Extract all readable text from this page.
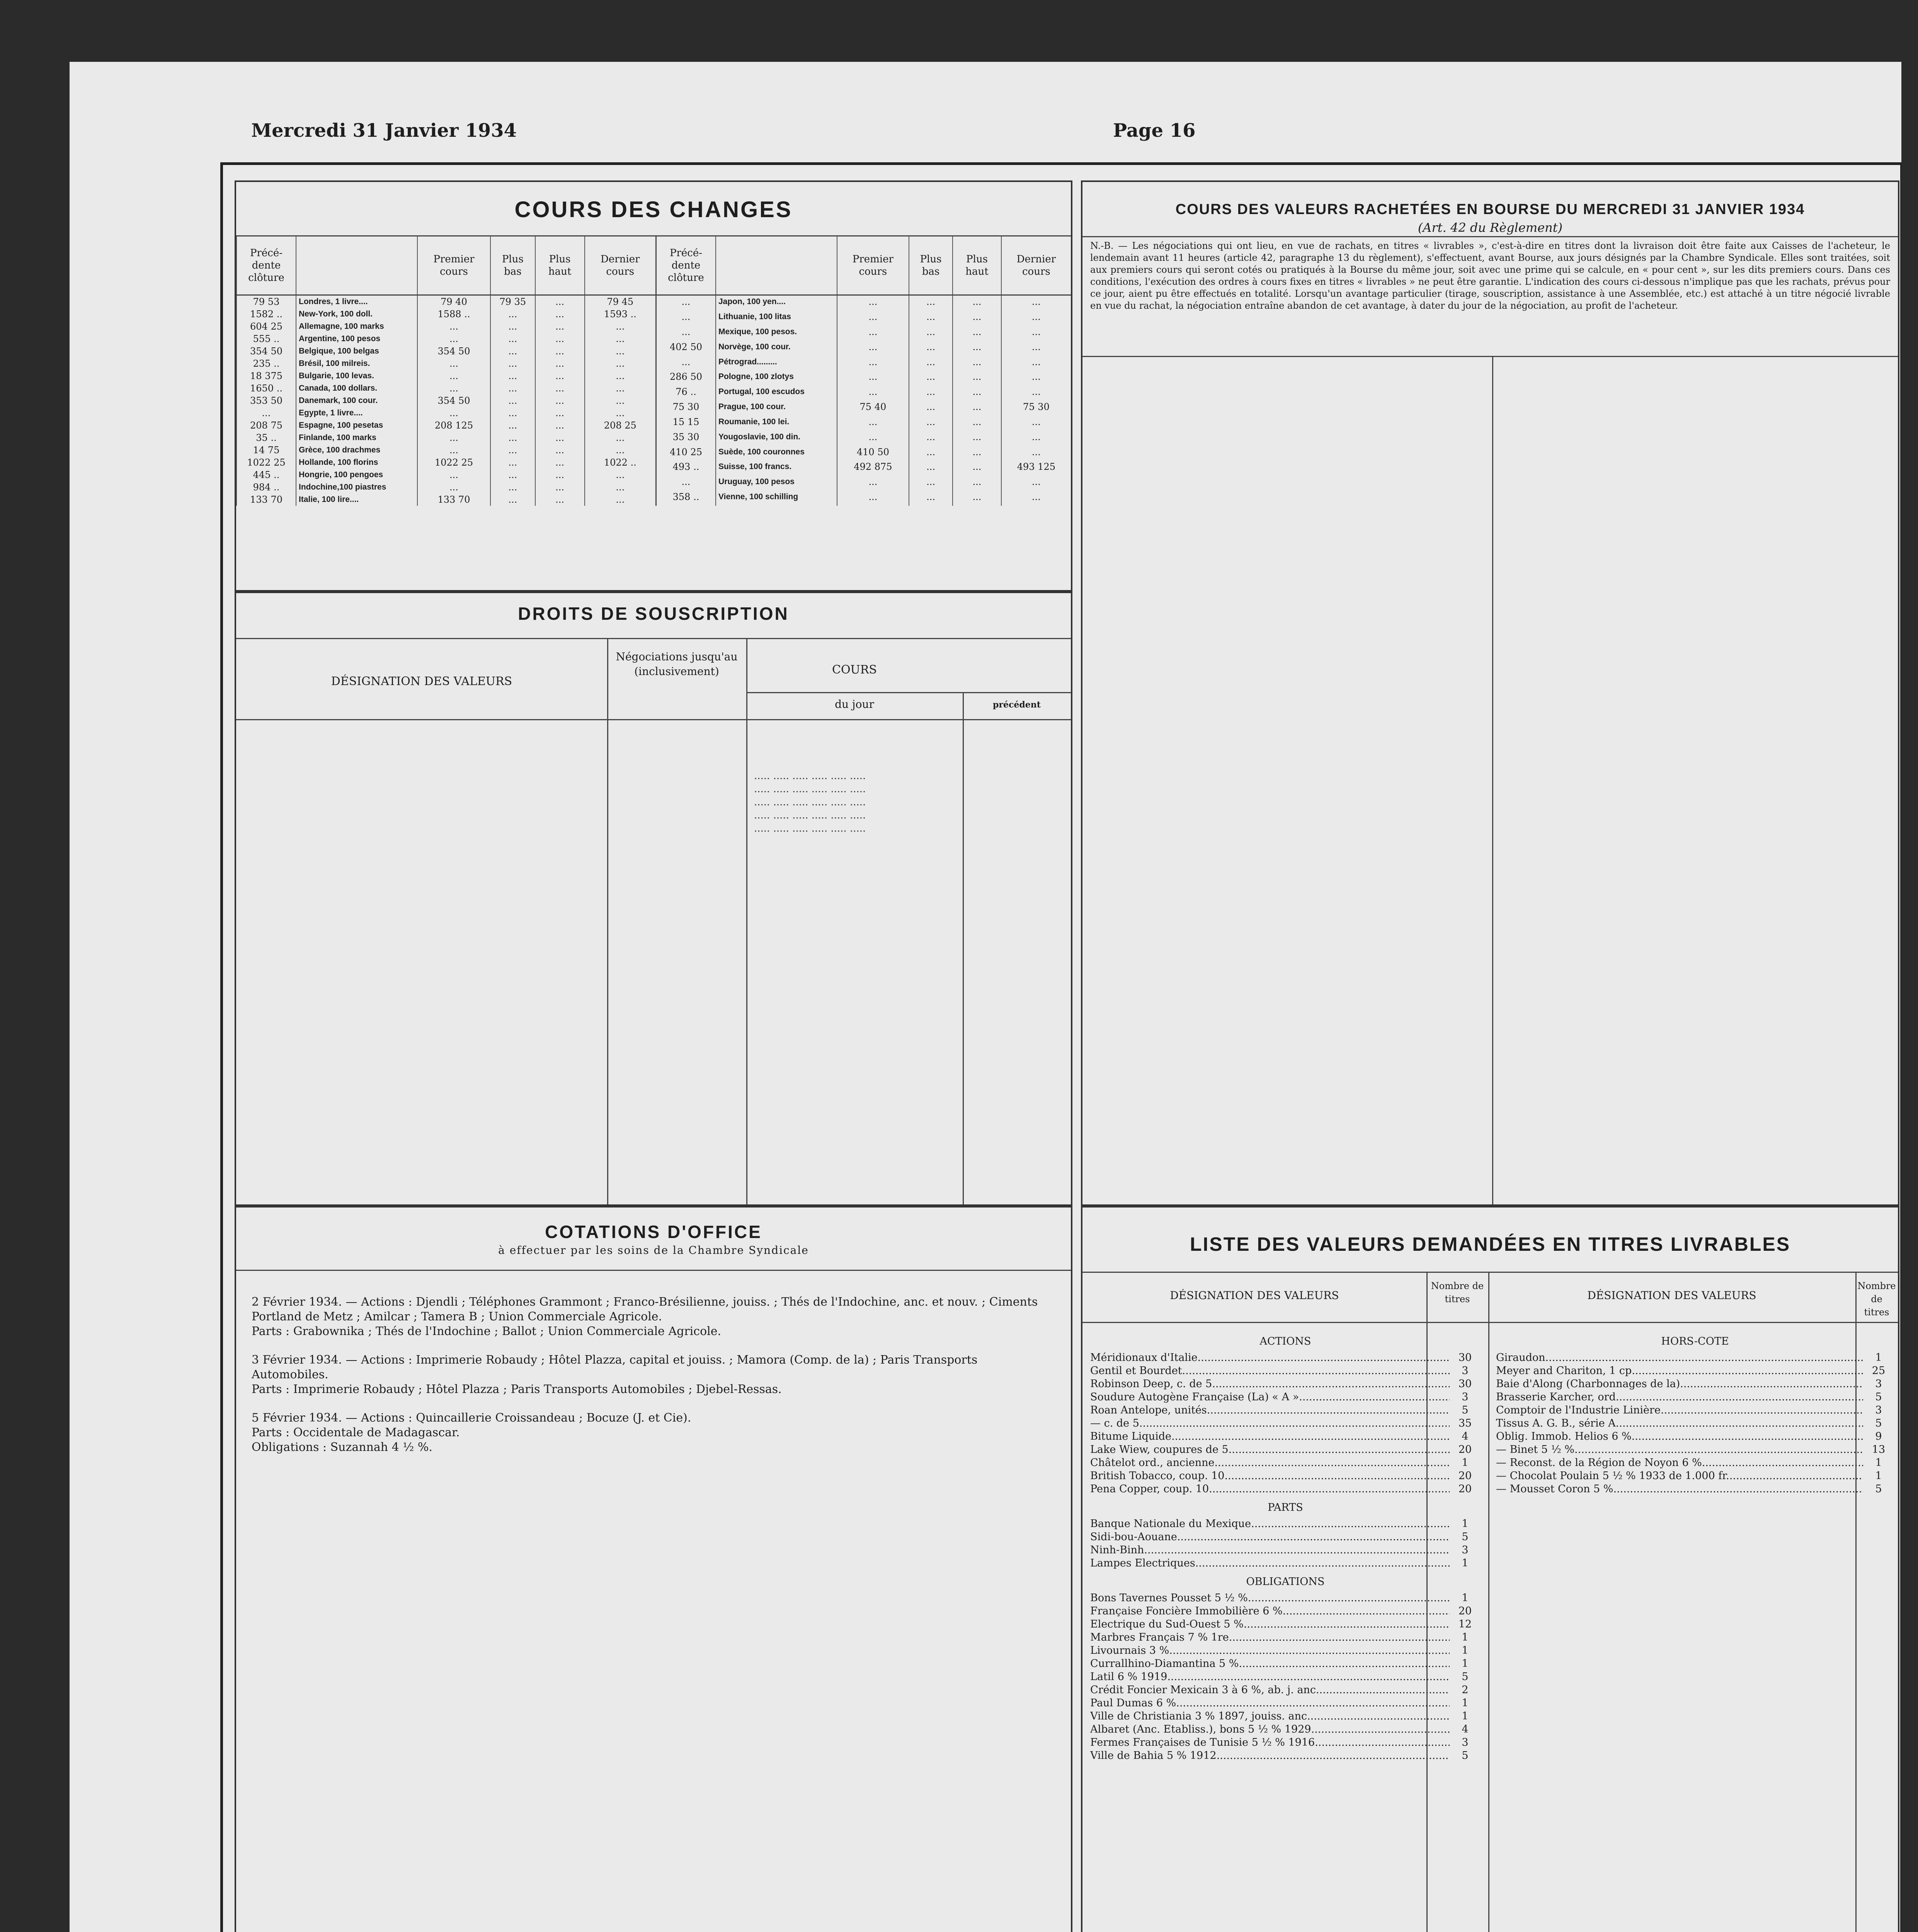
Mercredi 31 Janvier 1934	Page 16
COURS DES CHANGES
Précé-dente clôture		Premier cours	Plus bas	Plus haut	Dernier cours
79 53	Londres, 1 livre....	79 40	79 35	...	79 45
1582 ..	New-York, 100 doll.	1588 ..	...	...	1593 ..
604 25	Allemagne, 100 marks	...	...	...	...
555 ..	Argentine, 100 pesos	...	...	...	...
354 50	Belgique, 100 belgas	354 50	...	...	...
235 ..	Brésil, 100 milreis.	...	...	...	...
18 375	Bulgarie, 100 levas.	...	...	...	...
1650 ..	Canada, 100 dollars.	...	...	...	...
353 50	Danemark, 100 cour.	354 50	...	...	...
...	Egypte, 1 livre....	...	...	...	...
208 75	Espagne, 100 pesetas	208 125	...	...	208 25
35 ..	Finlande, 100 marks	...	...	...	...
14 75	Grèce, 100 drachmes	...	...	...	...
1022 25	Hollande, 100 florins	1022 25	...	...	1022 ..
445 ..	Hongrie, 100 pengoes	...	...	...	...
984 ..	Indochine,100 piastres	...	...	...	...
133 70	Italie, 100 lire....	133 70	...	...	...
Précé-dente clôture		Premier cours	Plus bas	Plus haut	Dernier cours
...	Japon, 100 yen....	...	...	...	...
...	Lithuanie, 100 litas	...	...	...	...
...	Mexique, 100 pesos.	...	...	...	...
402 50	Norvège, 100 cour.	...	...	...	...
...	Pétrograd.........	...	...	...	...
286 50	Pologne, 100 zlotys	...	...	...	...
76 ..	Portugal, 100 escudos	...	...	...	...
75 30	Prague, 100 cour.	75 40	...	...	75 30
15 15	Roumanie, 100 lei.	...	...	...	...
35 30	Yougoslavie, 100 din.	...	...	...	...
410 25	Suède, 100 couronnes	410 50	...	...	...
493 ..	Suisse, 100 francs.	492 875	...	...	493 125
...	Uruguay, 100 pesos	...	...	...	...
358 ..	Vienne, 100 schilling	...	...	...	...
DROITS DE SOUSCRIPTION
DÉSIGNATION DES VALEURS
Négociations jusqu'au (inclusivement)	COURS
du jour	précédent
..... ..... ..... ..... ..... .....
..... ..... ..... ..... ..... .....
..... ..... ..... ..... ..... .....
..... ..... ..... ..... ..... .....
..... ..... ..... ..... ..... .....
COURS DES VALEURS RACHETÉES EN BOURSE DU MERCREDI 31 JANVIER 1934
(Art. 42 du Règlement)

N.-B. — Les négociations qui ont lieu, en vue de rachats, en titres « livrables », c'est-à-dire en titres dont la livraison doit être faite aux Caisses de l'acheteur, le lendemain avant 11 heures (article 42, paragraphe 13 du règlement), s'effectuent, avant Bourse, aux jours désignés par la Chambre Syndicale. Elles sont traitées, soit aux premiers cours qui seront cotés ou pratiqués à la Bourse du même jour, soit avec une prime qui se calcule, en « pour cent », sur les dits premiers cours. Dans ces conditions, l'exécution des ordres à cours fixes en titres « livrables » ne peut être garantie. L'indication des cours ci-dessous n'implique pas que les rachats, prévus pour ce jour, aient pu être effectués en totalité. Lorsqu'un avantage particulier (tirage, souscription, assistance à une Assemblée, etc.) est attaché à un titre négocié livrable en vue du rachat, la négociation entraîne abandon de cet avantage, à dater du jour de la négociation, au profit de l'acheteur.

COTATIONS D'OFFICE
à effectuer par les soins de la Chambre Syndicale

2 Février 1934. — Actions : Djendli ; Téléphones Grammont ; Franco-Brésilienne, jouiss. ; Thés de l'Indochine, anc. et nouv. ; Ciments Portland de Metz ; Amilcar ; Tamera B ; Union Commerciale Agricole.

Parts : Grabownika ; Thés de l'Indochine ; Ballot ; Union Commerciale Agricole.

3 Février 1934. — Actions : Imprimerie Robaudy ; Hôtel Plazza, capital et jouiss. ; Mamora (Comp. de la) ; Paris Transports Automobiles.

Parts : Imprimerie Robaudy ; Hôtel Plazza ; Paris Transports Automobiles ; Djebel-Ressas.

5 Février 1934. — Actions : Quincaillerie Croissandeau ; Bocuze (J. et Cie).

Parts : Occidentale de Madagascar.

Obligations : Suzannah 4 ½ %.

LISTE DES VALEURS DEMANDÉES EN TITRES LIVRABLES
DÉSIGNATION DES VALEURS
Nombre de titres	DÉSIGNATION DES VALEURS
Nombre de titres
ACTIONS
Méridionaux d'Italie .....	30
Gentil et Bourdet .....	3
Robinson Deep, c. de 5 .....	30
Soudure Autogène Française (La) « A » .....	3
Roan Antelope, unités .....	5
— c. de 5 .....	35
Bitume Liquide .....	4
Lake Wiew, coupures de 5 .....	20
Châtelot ord., ancienne .....	1
British Tobacco, coup. 10 .....	20
Pena Copper, coup. 10 .....	20
PARTS
Banque Nationale du Mexique .....	1
Sidi-bou-Aouane .....	5
Ninh-Binh .....	3
Lampes Electriques .....	1
OBLIGATIONS
Bons Tavernes Pousset 5 ½ % .....	1
Française Foncière Immobilière 6 % .....	20
Electrique du Sud-Ouest 5 % .....	12
Marbres Français 7 % 1re .....	1
Livournais 3 % .....	1
Currallhino-Diamantina 5 % .....	1
Latil 6 % 1919 .....	5
Crédit Foncier Mexicain 3 à 6 %, ab. j. anc. .....	2
Paul Dumas 6 % .....	1
Ville de Christiania 3 % 1897, jouiss. anc. .....	1
Albaret (Anc. Etabliss.), bons 5 ½ % 1929 .....	4
Fermes Françaises de Tunisie 5 ½ % 1916 .....	3
Ville de Bahia 5 % 1912 .....	5
HORS-COTE
Giraudon .....	1
Meyer and Chariton, 1 cp. .....	25
Baie d'Along (Charbonnages de la) .....	3
Brasserie Karcher, ord. .....	5
Comptoir de l'Industrie Linière .....	3
Tissus A. G. B., série A .....	5
Oblig. Immob. Helios 6 % .....	9
— Binet 5 ½ % .....	13
— Reconst. de la Région de Noyon 6 % .....	1
— Chocolat Poulain 5 ½ % 1933 de 1.000 fr. .....	1
— Mousset Coron 5 % .....	5
